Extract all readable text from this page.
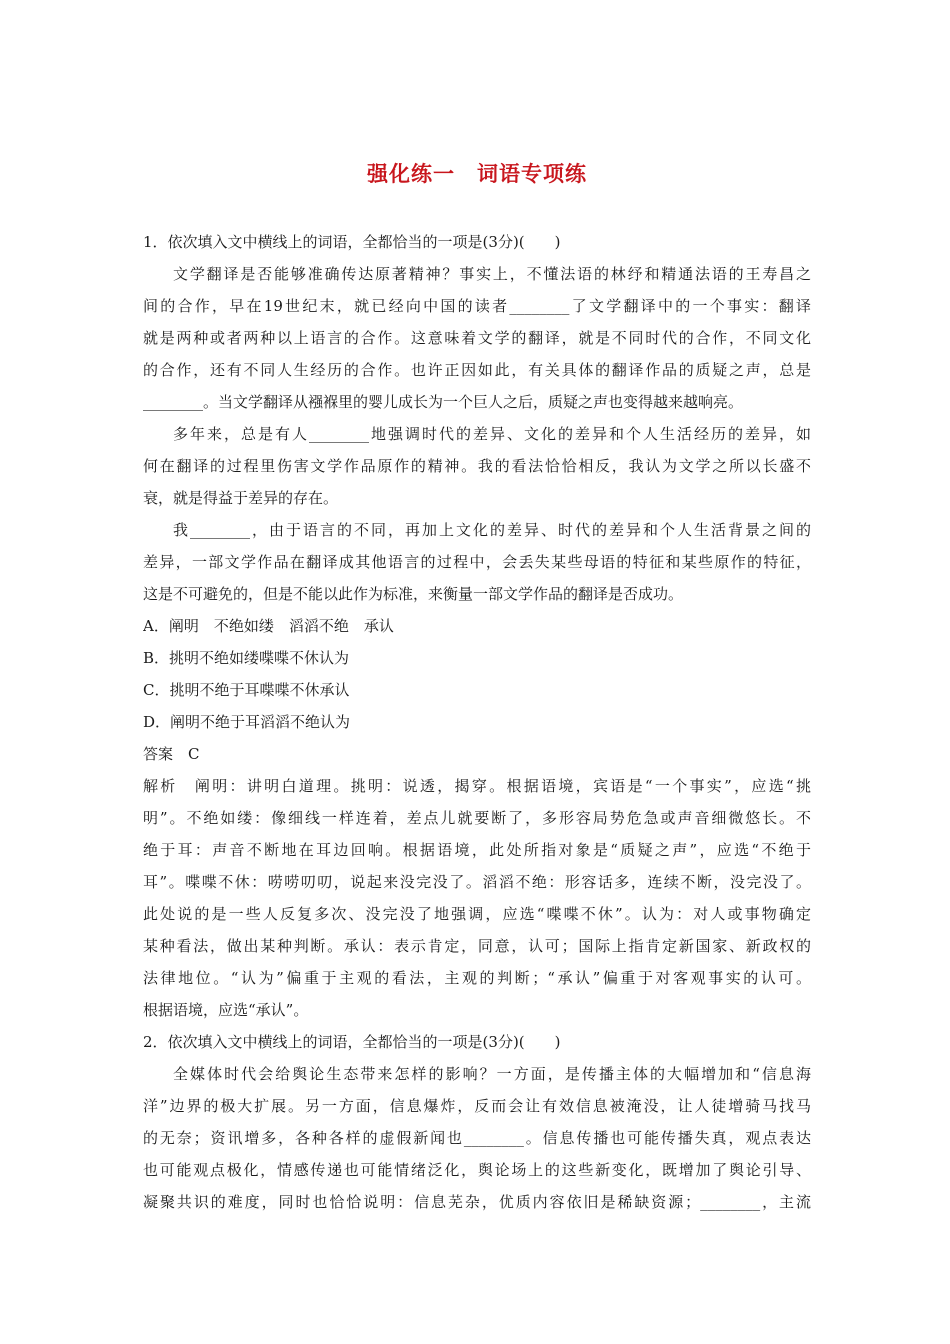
强化练一　词语专项练
1．依次填入文中横线上的词语，全都恰当的一项是(3分)(　　)
文学翻译是否能够准确传达原著精神？事实上，不懂法语的林纾和精通法语的王寿昌之
间的合作，早在19世纪末，就已经向中国的读者________了文学翻译中的一个事实：翻译
就是两种或者两种以上语言的合作。这意味着文学的翻译，就是不同时代的合作，不同文化
的合作，还有不同人生经历的合作。也许正因如此，有关具体的翻译作品的质疑之声，总是
________。当文学翻译从襁褓里的婴儿成长为一个巨人之后，质疑之声也变得越来越响亮。
多年来，总是有人________地强调时代的差异、文化的差异和个人生活经历的差异，如
何在翻译的过程里伤害文学作品原作的精神。我的看法恰恰相反，我认为文学之所以长盛不
衰，就是得益于差异的存在。
我________，由于语言的不同，再加上文化的差异、时代的差异和个人生活背景之间的
差异，一部文学作品在翻译成其他语言的过程中，会丢失某些母语的特征和某些原作的特征，
这是不可避免的，但是不能以此作为标准，来衡量一部文学作品的翻译是否成功。
A．阐明　不绝如缕　滔滔不绝　承认
B．挑明不绝如缕喋喋不休认为
C．挑明不绝于耳喋喋不休承认
D．阐明不绝于耳滔滔不绝认为
答案　C
解析　阐明：讲明白道理。挑明：说透，揭穿。根据语境，宾语是“一个事实”，应选“挑
明”。不绝如缕：像细线一样连着，差点儿就要断了，多形容局势危急或声音细微悠长。不
绝于耳：声音不断地在耳边回响。根据语境，此处所指对象是“质疑之声”，应选“不绝于
耳”。喋喋不休：唠唠叨叨，说起来没完没了。滔滔不绝：形容话多，连续不断，没完没了。
此处说的是一些人反复多次、没完没了地强调，应选“喋喋不休”。认为：对人或事物确定
某种看法，做出某种判断。承认：表示肯定，同意，认可；国际上指肯定新国家、新政权的
法律地位。“认为”偏重于主观的看法，主观的判断；“承认”偏重于对客观事实的认可。
根据语境，应选“承认”。
2．依次填入文中横线上的词语，全都恰当的一项是(3分)(　　)
全媒体时代会给舆论生态带来怎样的影响？一方面，是传播主体的大幅增加和“信息海
洋”边界的极大扩展。另一方面，信息爆炸，反而会让有效信息被淹没，让人徒增骑马找马
的无奈；资讯增多，各种各样的虚假新闻也________。信息传播也可能传播失真，观点表达
也可能观点极化，情感传递也可能情绪泛化，舆论场上的这些新变化，既增加了舆论引导、
凝聚共识的难度，同时也恰恰说明：信息芜杂，优质内容依旧是稀缺资源；________，主流
